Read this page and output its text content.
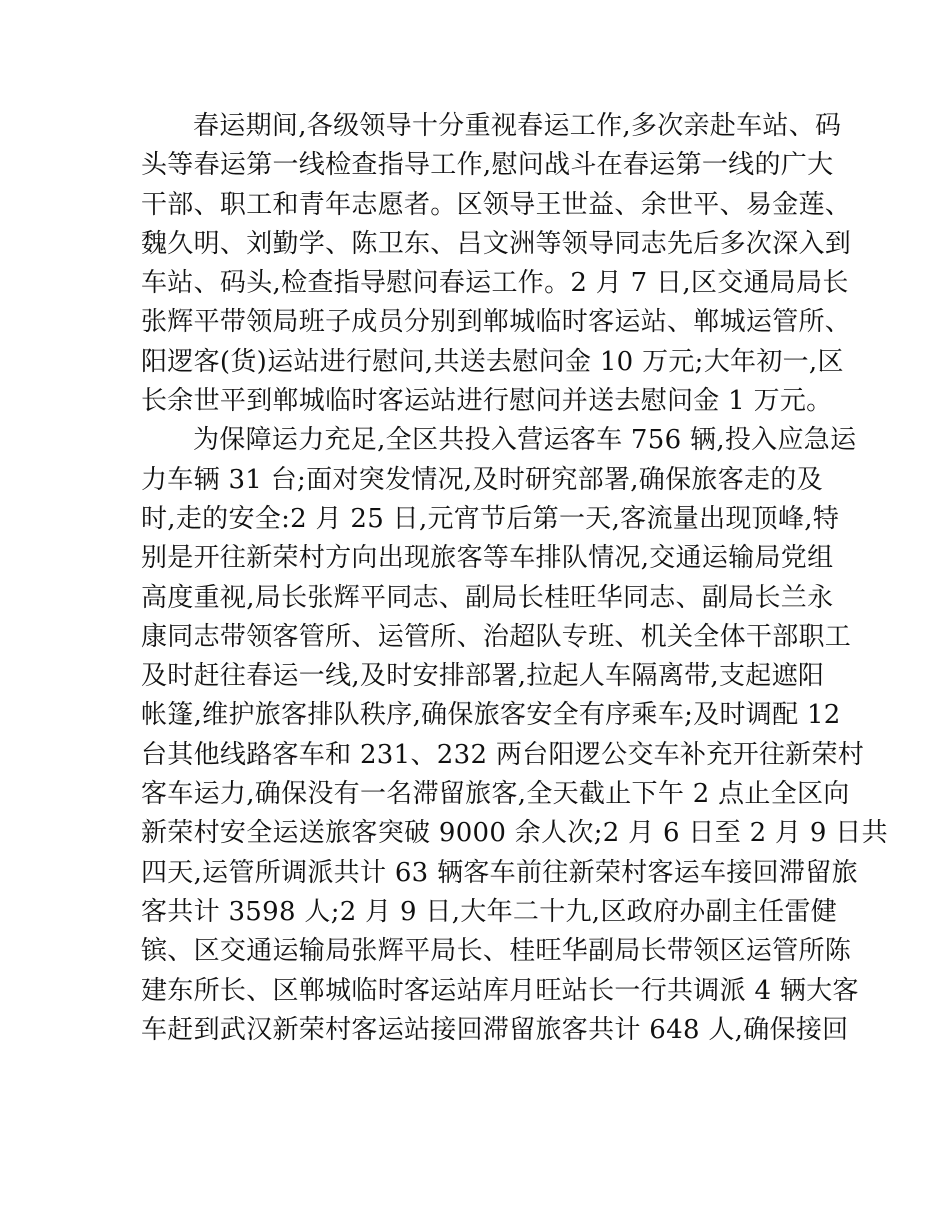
春运期间,各级领导十分重视春运工作,多次亲赴车站、码
头等春运第一线检查指导工作,慰问战斗在春运第一线的广大
干部、职工和青年志愿者。区领导王世益、余世平、易金莲、
魏久明、刘勤学、陈卫东、吕文洲等领导同志先后多次深入到
车站、码头,检查指导慰问春运工作。2 月 7 日,区交通局局长
张辉平带领局班子成员分别到郸城临时客运站、郸城运管所、
阳逻客(货)运站进行慰问,共送去慰问金 10 万元;大年初一,区
长余世平到郸城临时客运站进行慰问并送去慰问金 1 万元。
为保障运力充足,全区共投入营运客车 756 辆,投入应急运
力车辆 31 台;面对突发情况,及时研究部署,确保旅客走的及
时,走的安全:2 月 25 日,元宵节后第一天,客流量出现顶峰,特
别是开往新荣村方向出现旅客等车排队情况,交通运输局党组
高度重视,局长张辉平同志、副局长桂旺华同志、副局长兰永
康同志带领客管所、运管所、治超队专班、机关全体干部职工
及时赶往春运一线,及时安排部署,拉起人车隔离带,支起遮阳
帐篷,维护旅客排队秩序,确保旅客安全有序乘车;及时调配 12
台其他线路客车和 231、232 两台阳逻公交车补充开往新荣村
客车运力,确保没有一名滞留旅客,全天截止下午 2 点止全区向
新荣村安全运送旅客突破 9000 余人次;2 月 6 日至 2 月 9 日共
四天,运管所调派共计 63 辆客车前往新荣村客运车接回滞留旅
客共计 3598 人;2 月 9 日,大年二十九,区政府办副主任雷健
镔、区交通运输局张辉平局长、桂旺华副局长带领区运管所陈
建东所长、区郸城临时客运站库月旺站长一行共调派 4 辆大客
车赶到武汉新荣村客运站接回滞留旅客共计 648 人,确保接回
